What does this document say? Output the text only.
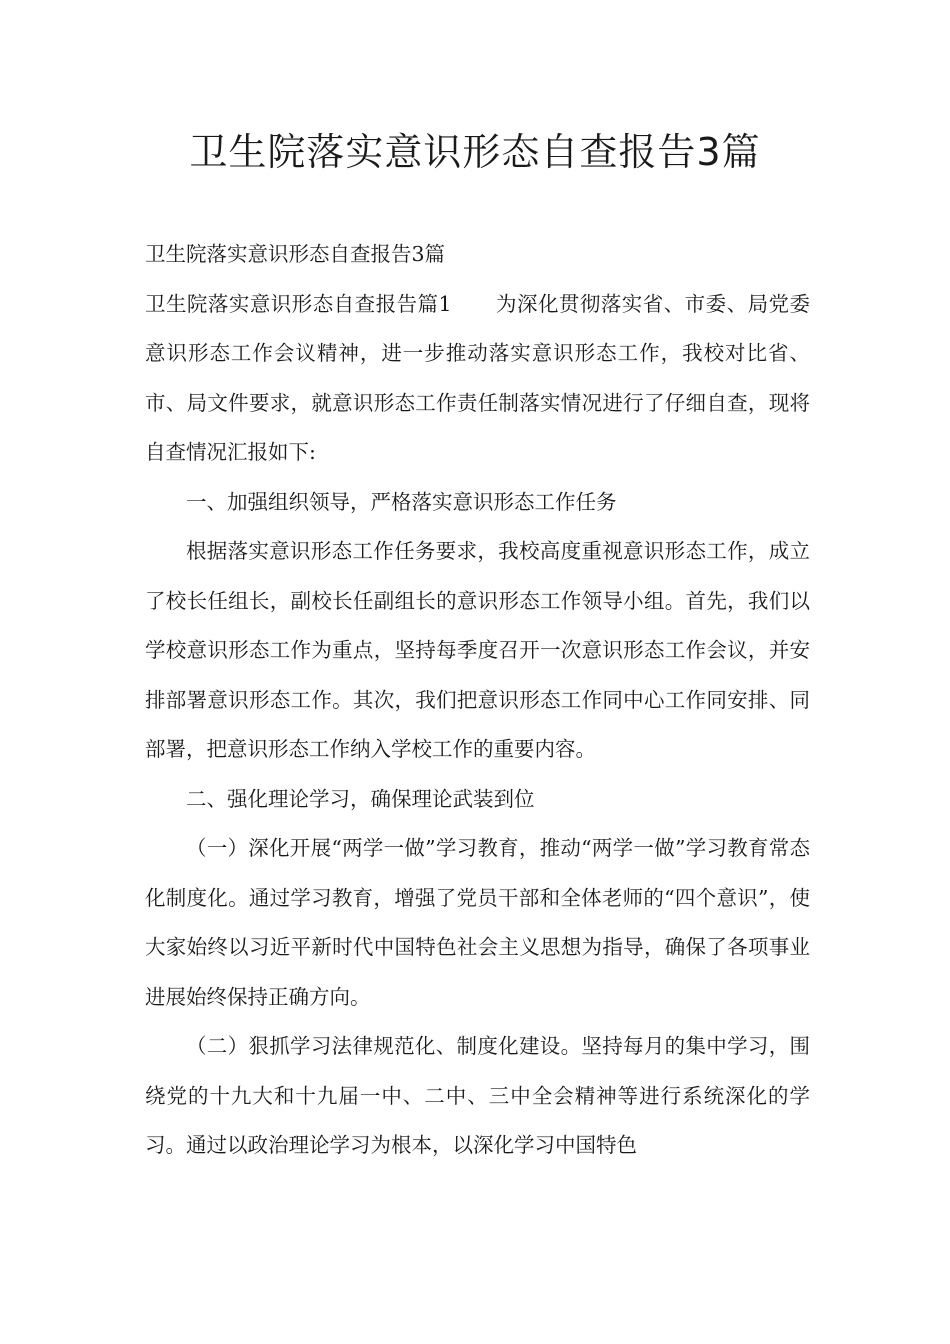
卫生院落实意识形态自查报告3篇

卫生院落实意识形态自查报告3篇

卫生院落实意识形态自查报告篇1 为深化贯彻落实省、市委、局党委意识形态工作会议精神，进一步推动落实意识形态工作，我校对比省、市、局文件要求，就意识形态工作责任制落实情况进行了仔细自查，现将自查情况汇报如下:

一、加强组织领导，严格落实意识形态工作任务

根据落实意识形态工作任务要求，我校高度重视意识形态工作，成立了校长任组长，副校长任副组长的意识形态工作领导小组。首先，我们以学校意识形态工作为重点，坚持每季度召开一次意识形态工作会议，并安排部署意识形态工作。其次，我们把意识形态工作同中心工作同安排、同部署，把意识形态工作纳入学校工作的重要内容。

二、强化理论学习，确保理论武装到位

（一）深化开展“两学一做”学习教育，推动“两学一做”学习教育常态化制度化。通过学习教育，增强了党员干部和全体老师的“四个意识”，使大家始终以习近平新时代中国特色社会主义思想为指导，确保了各项事业进展始终保持正确方向。

（二）狠抓学习法律规范化、制度化建设。坚持每月的集中学习，围绕党的十九大和十九届一中、二中、三中全会精神等进行系统深化的学习。通过以政治理论学习为根本，以深化学习中国特色
